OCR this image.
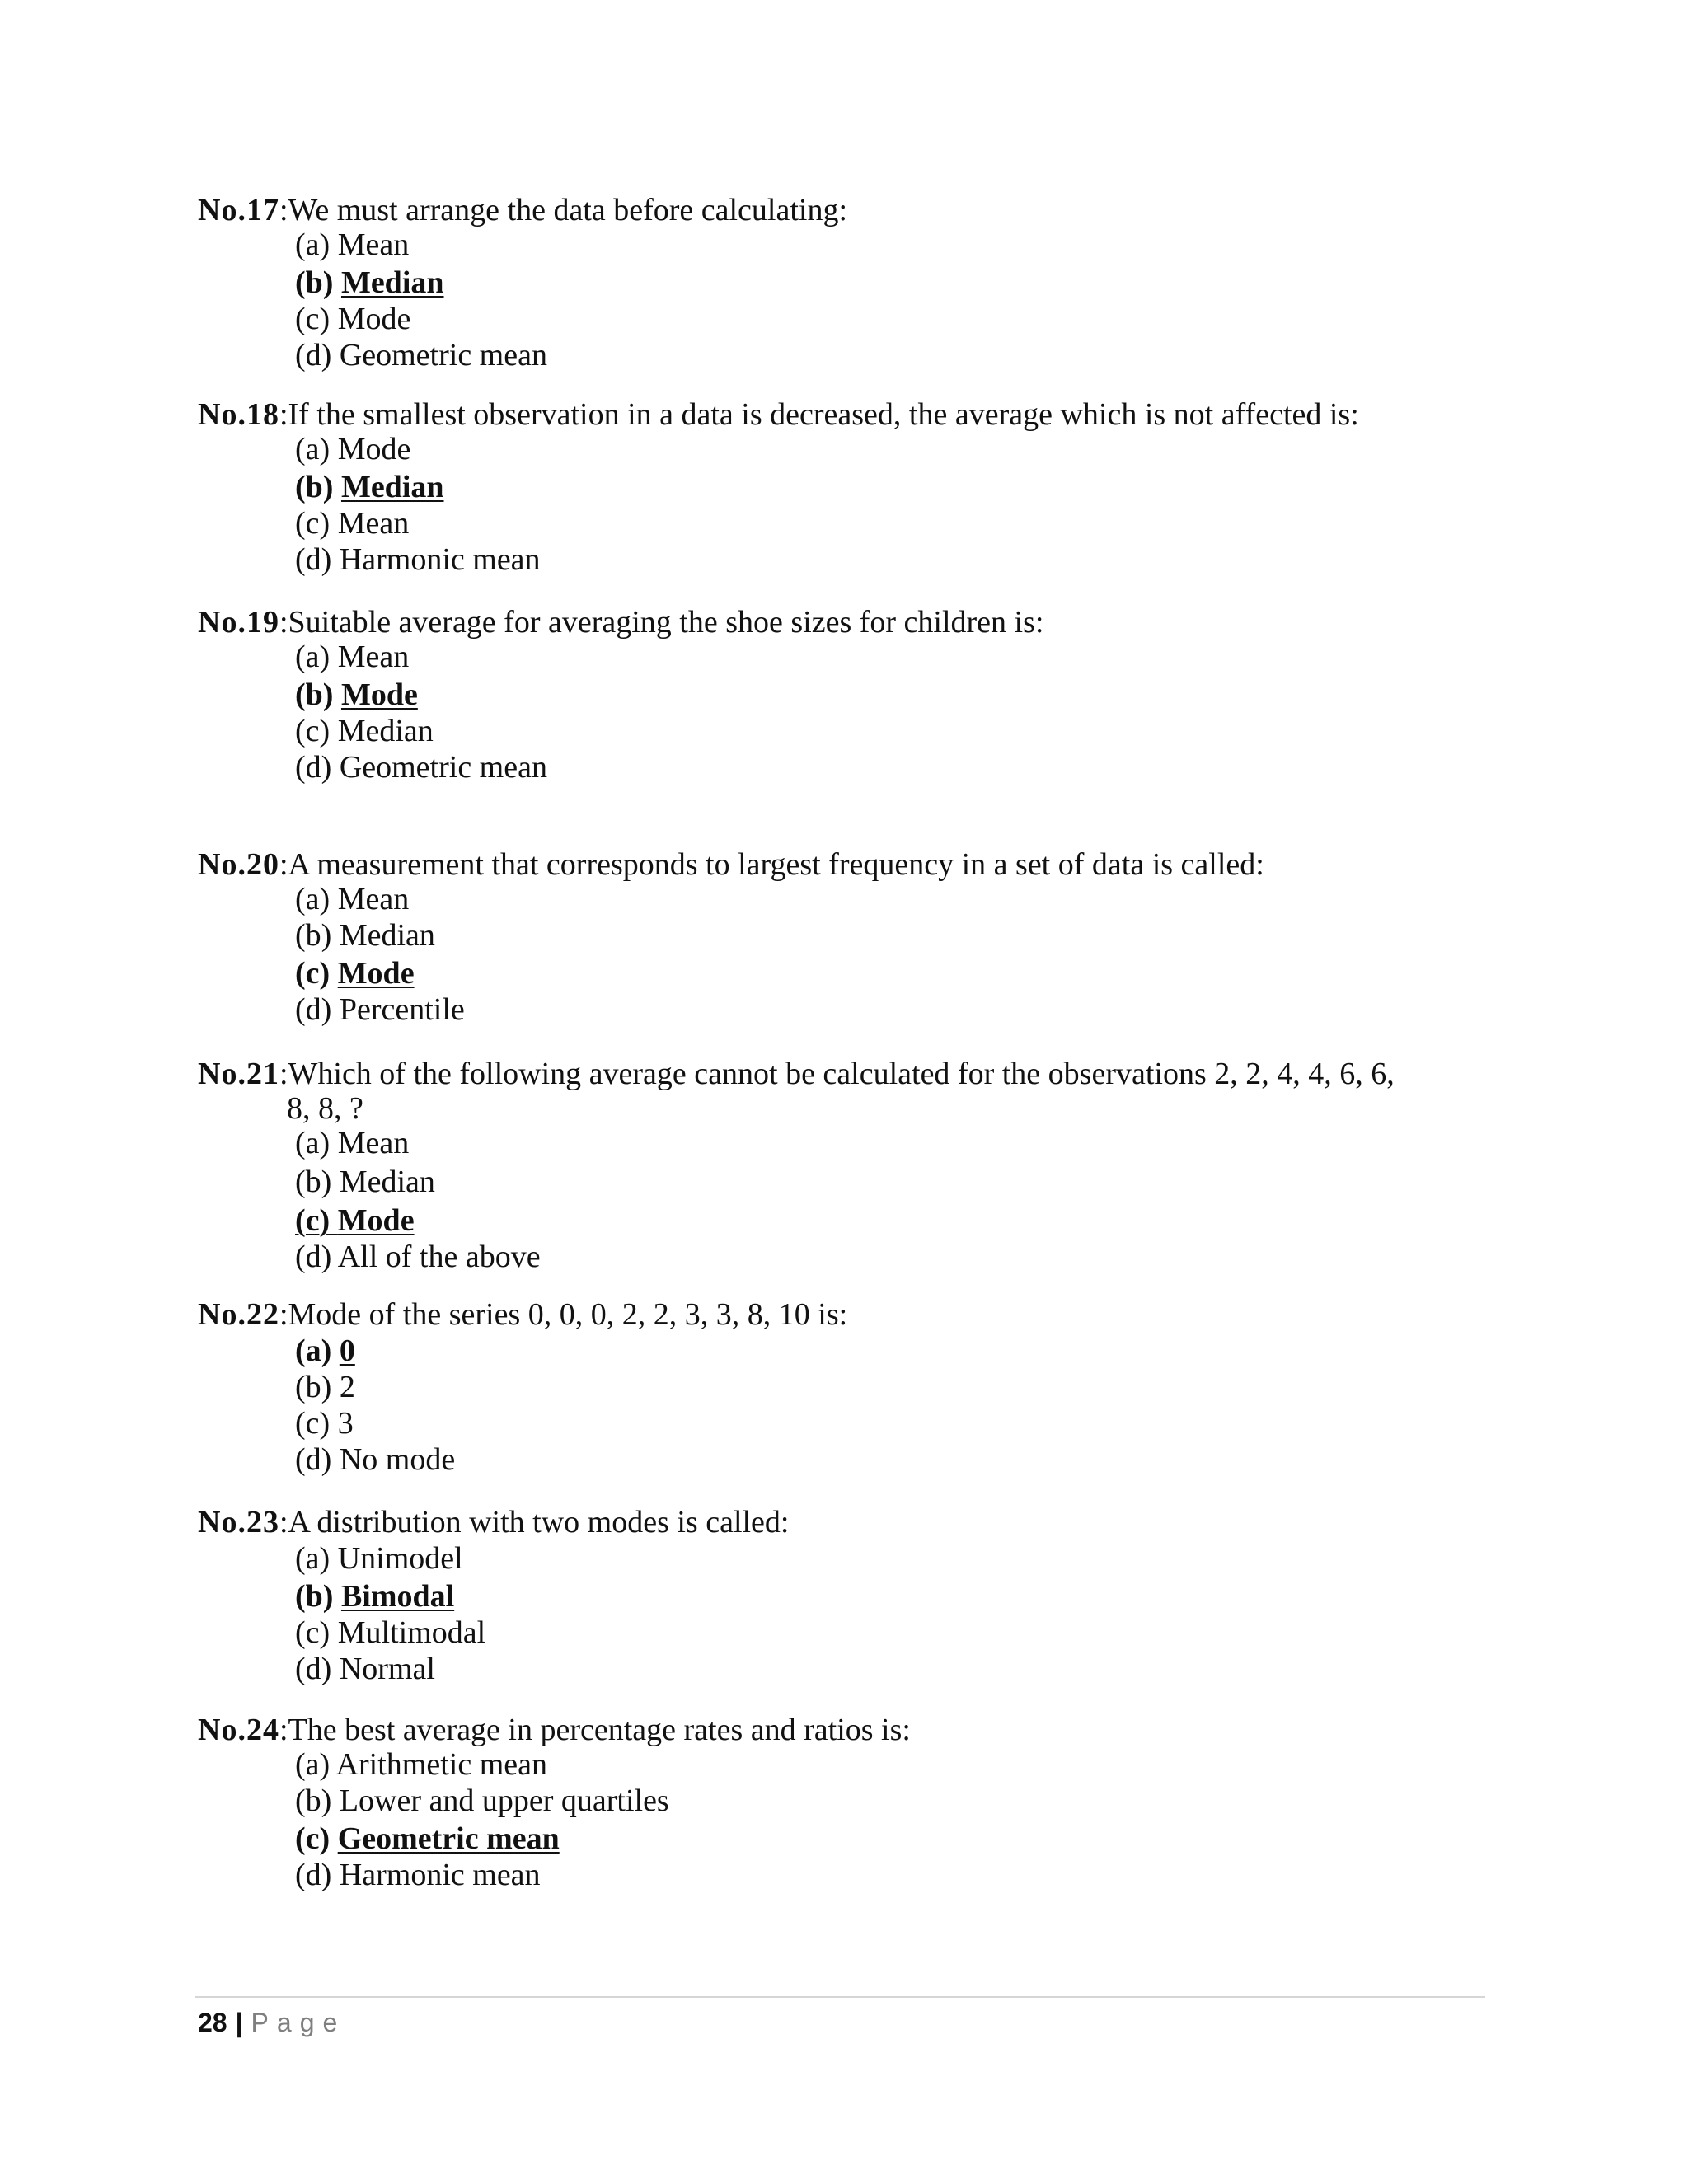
No.17:We must arrange the data before calculating:
(a) Mean
(b) Median
(c) Mode
(d) Geometric mean
No.18:If the smallest observation in a data is decreased, the average which is not affected is:
(a) Mode
(b) Median
(c) Mean
(d) Harmonic mean
No.19:Suitable average for averaging the shoe sizes for children is:
(a) Mean
(b) Mode
(c) Median
(d) Geometric mean
No.20:A measurement that corresponds to largest frequency in a set of data is called:
(a) Mean
(b) Median
(c) Mode
(d) Percentile
No.21:Which of the following average cannot be calculated for the observations 2, 2, 4, 4, 6, 6,
8, 8, ?
(a) Mean
(b) Median
(c) Mode
(d) All of the above
No.22:Mode of the series 0, 0, 0, 2, 2, 3, 3, 8, 10 is:
(a) 0
(b) 2
(c) 3
(d) No mode
No.23:A distribution with two modes is called:
(a) Unimodel
(b) Bimodal
(c) Multimodal
(d) Normal
No.24:The best average in percentage rates and ratios is:
(a) Arithmetic mean
(b) Lower and upper quartiles
(c) Geometric mean
(d) Harmonic mean
28 | Page
